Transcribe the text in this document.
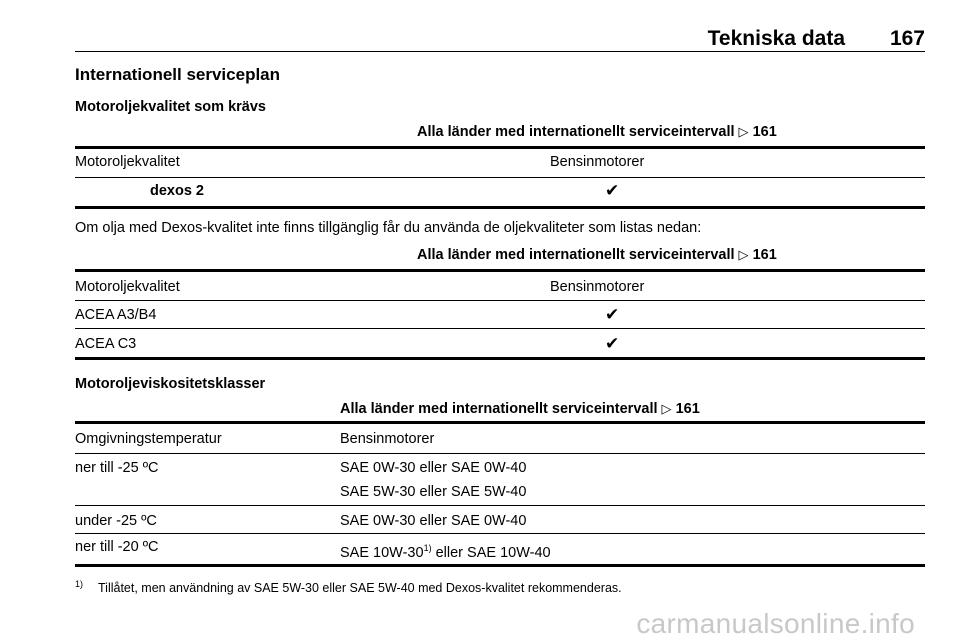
Tekniska data 167
Internationell serviceplan
Motoroljekvalitet som krävs
Alla länder med internationellt serviceintervall ▷ 161
Motoroljekvalitet	Bensinmotorer
dexos 2	✔
Om olja med Dexos-kvalitet inte finns tillgänglig får du använda de oljekvaliteter som listas nedan:
Alla länder med internationellt serviceintervall ▷ 161
Motoroljekvalitet	Bensinmotorer
ACEA A3/B4	✔
ACEA C3	✔
Motoroljeviskositetsklasser
Alla länder med internationellt serviceintervall ▷ 161
Omgivningstemperatur	Bensinmotorer
ner till -25 ºC	SAE 0W-30 eller SAE 0W-40
SAE 5W-30 eller SAE 5W-40
under -25 ºC	SAE 0W-30 eller SAE 0W-40
ner till -20 ºC	SAE 10W-30$^{1)}$ eller SAE 10W-40
1) Tillåtet, men användning av SAE 5W-30 eller SAE 5W-40 med Dexos-kvalitet rekommenderas.
carmanualsonline.info
